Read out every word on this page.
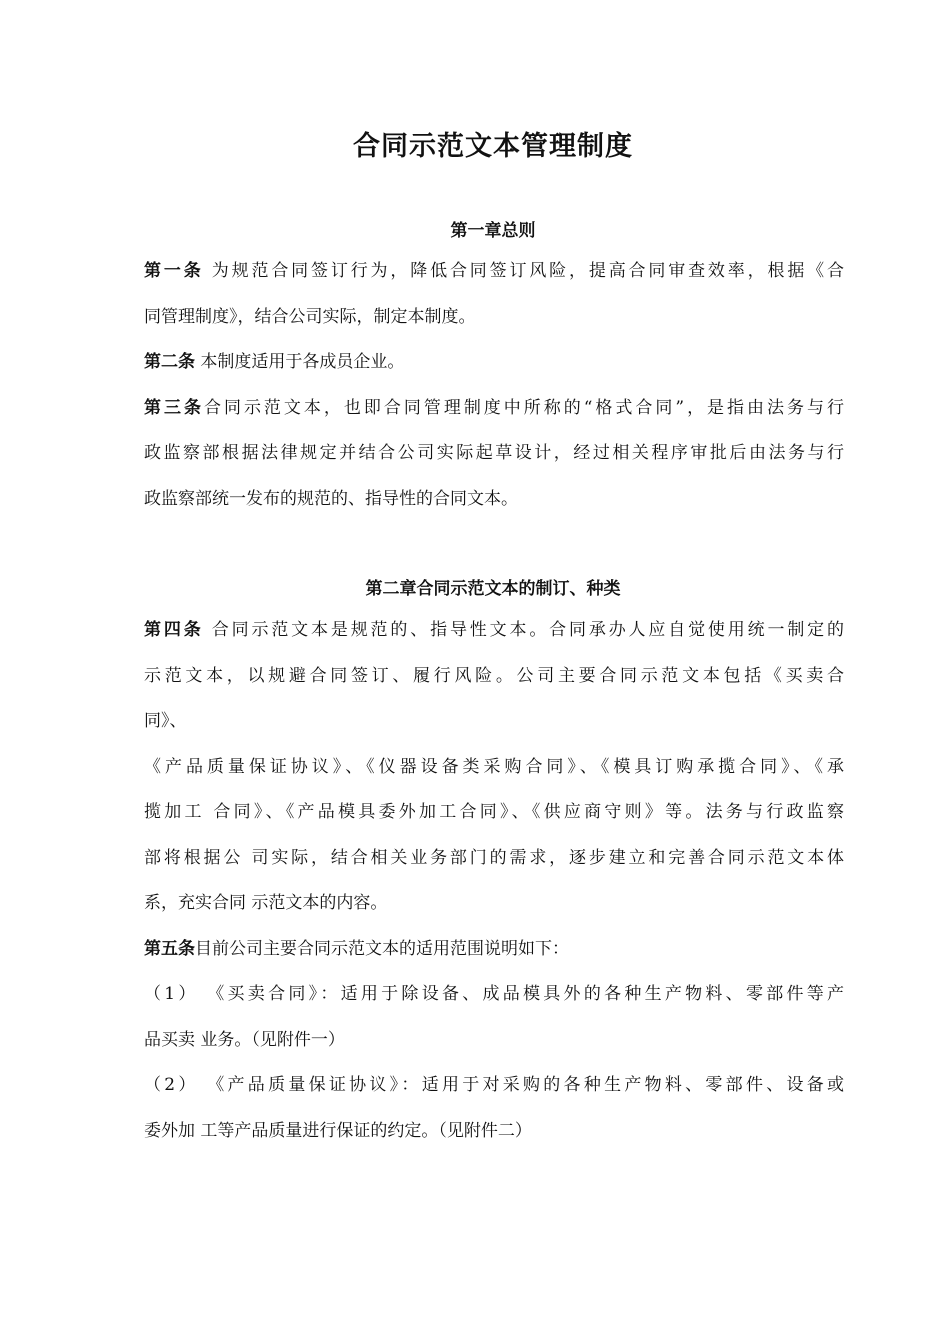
合同示范文本管理制度
第一章总则
第一条 为规范合同签订行为，降低合同签订风险，提高合同审查效率，根据《合
同管理制度》，结合公司实际，制定本制度。
第二条 本制度适用于各成员企业。
第三条合同示范文本，也即合同管理制度中所称的“格式合同”，是指由法务与行
政监察部根据法律规定并结合公司实际起草设计，经过相关程序审批后由法务与行
政监察部统一发布的规范的、指导性的合同文本。
第二章合同示范文本的制订、种类
第四条 合同示范文本是规范的、指导性文本。合同承办人应自觉使用统一制定的
示范文本，以规避合同签订、履行风险。公司主要合同示范文本包括《买卖合
同》、
《产品质量保证协议》、《仪器设备类采购合同》、《模具订购承揽合同》、《承
揽加工 合同》、《产品模具委外加工合同》、《供应商守则》等。法务与行政监察
部将根据公 司实际，结合相关业务部门的需求，逐步建立和完善合同示范文本体
系，充实合同 示范文本的内容。
第五条目前公司主要合同示范文本的适用范围说明如下：
（1） 《买卖合同》：适用于除设备、成品模具外的各种生产物料、零部件等产
品买卖 业务。（见附件一）
（2） 《产品质量保证协议》：适用于对采购的各种生产物料、零部件、设备或
委外加 工等产品质量进行保证的约定。（见附件二）
